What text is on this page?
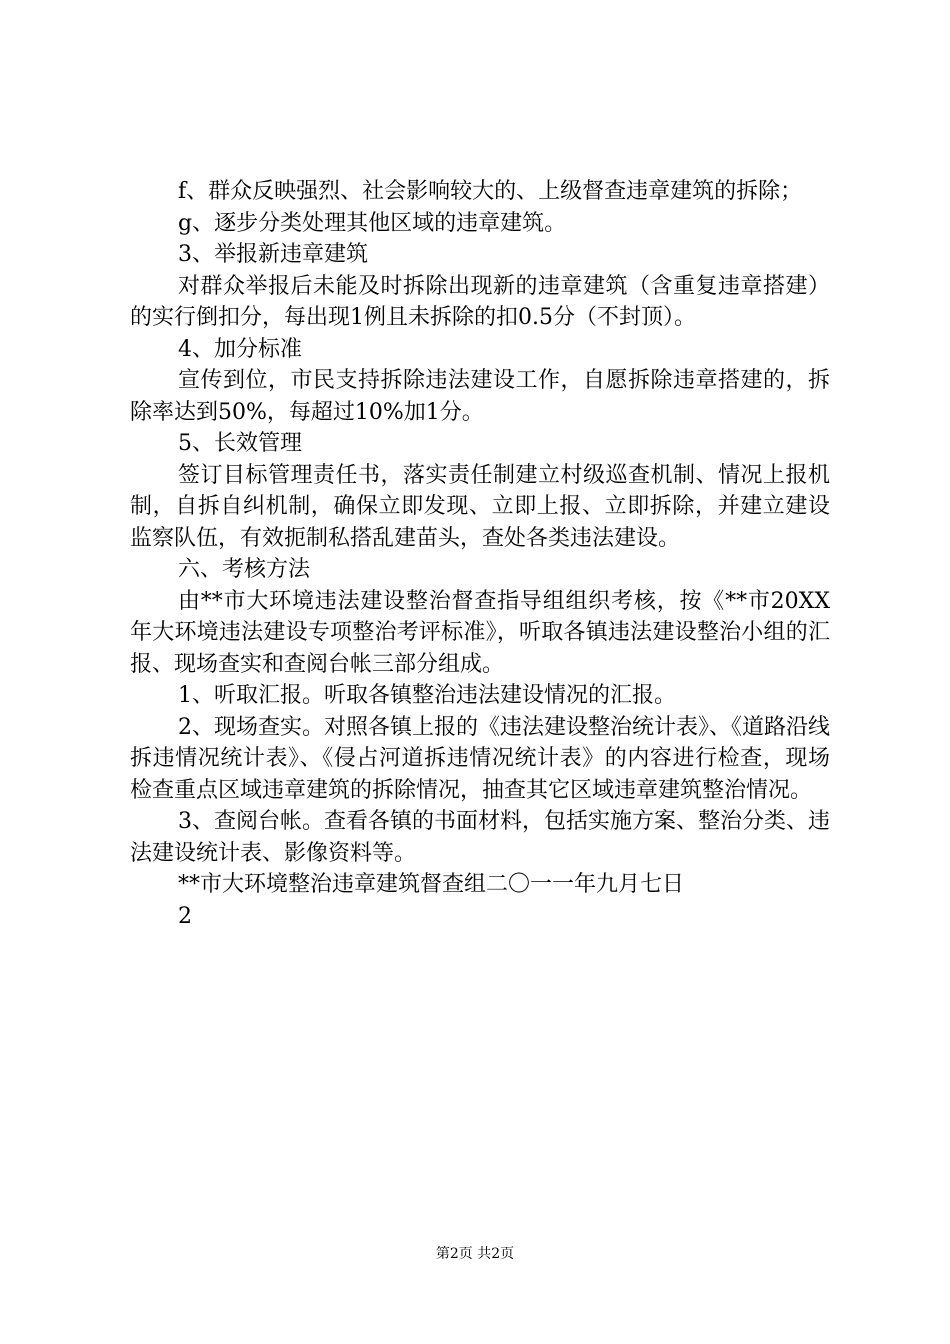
f、群众反映强烈、社会影响较大的、上级督查违章建筑的拆除；

g、逐步分类处理其他区域的违章建筑。

3、举报新违章建筑

对群众举报后未能及时拆除出现新的违章建筑（含重复违章搭建）的实行倒扣分，每出现1例且未拆除的扣0.5分（不封顶）。

4、加分标准

宣传到位，市民支持拆除违法建设工作，自愿拆除违章搭建的，拆除率达到50%，每超过10%加1分。

5、长效管理

签订目标管理责任书，落实责任制建立村级巡查机制、情况上报机制，自拆自纠机制，确保立即发现、立即上报、立即拆除，并建立建设监察队伍，有效扼制私搭乱建苗头，查处各类违法建设。

六、考核方法

由**市大环境违法建设整治督查指导组组织考核，按《**市20XX年大环境违法建设专项整治考评标准》，听取各镇违法建设整治小组的汇报、现场查实和查阅台帐三部分组成。

1、听取汇报。听取各镇整治违法建设情况的汇报。

2、现场查实。对照各镇上报的《违法建设整治统计表》、《道路沿线拆违情况统计表》、《侵占河道拆违情况统计表》的内容进行检查，现场检查重点区域违章建筑的拆除情况，抽查其它区域违章建筑整治情况。

3、查阅台帐。查看各镇的书面材料，包括实施方案、整治分类、违法建设统计表、影像资料等。

**市大环境整治违章建筑督查组二〇一一年九月七日

2

第2页 共2页
